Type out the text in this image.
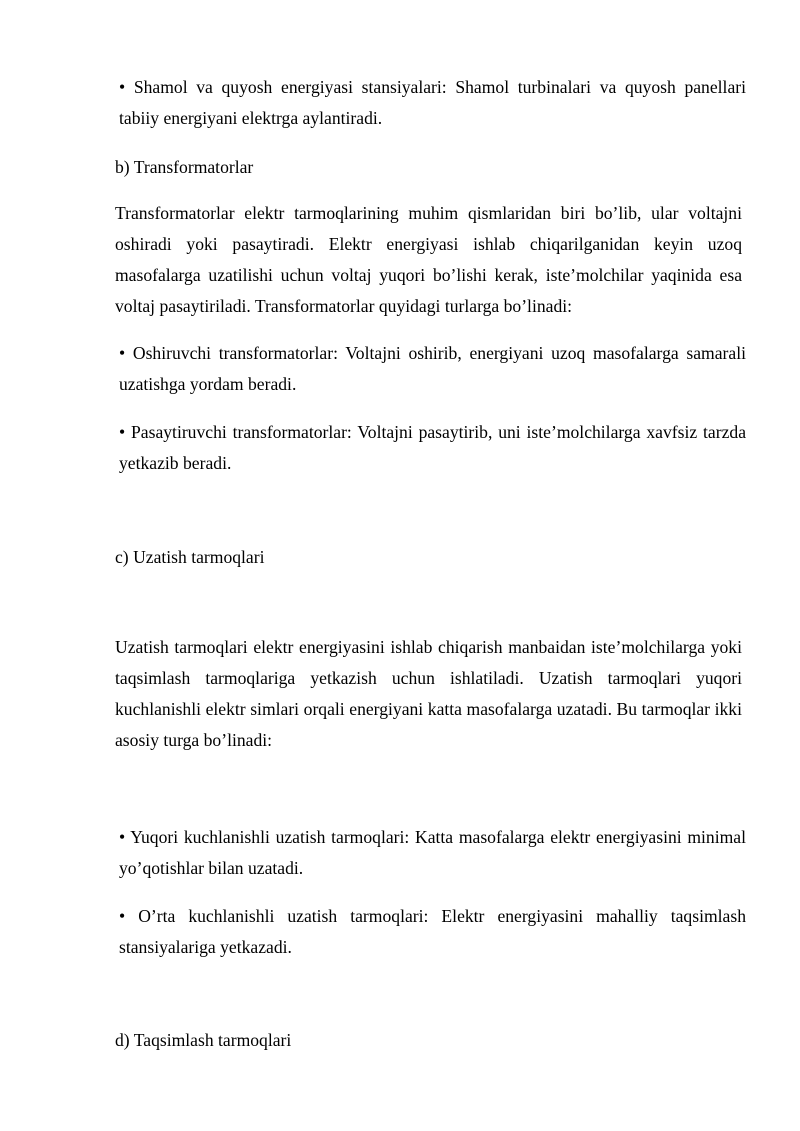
• Shamol va quyosh energiyasi stansiyalari: Shamol turbinalari va quyosh panellari tabiiy energiyani elektrga aylantiradi.

b) Transformatorlar

Transformatorlar elektr tarmoqlarining muhim qismlaridan biri bo’lib, ular voltajni oshiradi yoki pasaytiradi. Elektr energiyasi ishlab chiqarilganidan keyin uzoq masofalarga uzatilishi uchun voltaj yuqori bo’lishi kerak, iste’molchilar yaqinida esa voltaj pasaytiriladi. Transformatorlar quyidagi turlarga bo’linadi:

• Oshiruvchi transformatorlar: Voltajni oshirib, energiyani uzoq masofalarga samarali uzatishga yordam beradi.

• Pasaytiruvchi transformatorlar: Voltajni pasaytirib, uni iste’molchilarga xavfsiz tarzda yetkazib beradi.

c) Uzatish tarmoqlari

Uzatish tarmoqlari elektr energiyasini ishlab chiqarish manbaidan iste’molchilarga yoki taqsimlash tarmoqlariga yetkazish uchun ishlatiladi. Uzatish tarmoqlari yuqori kuchlanishli elektr simlari orqali energiyani katta masofalarga uzatadi. Bu tarmoqlar ikki asosiy turga bo’linadi:

• Yuqori kuchlanishli uzatish tarmoqlari: Katta masofalarga elektr energiyasini minimal yo’qotishlar bilan uzatadi.

• O’rta kuchlanishli uzatish tarmoqlari: Elektr energiyasini mahalliy taqsimlash stansiyalariga yetkazadi.

d) Taqsimlash tarmoqlari
